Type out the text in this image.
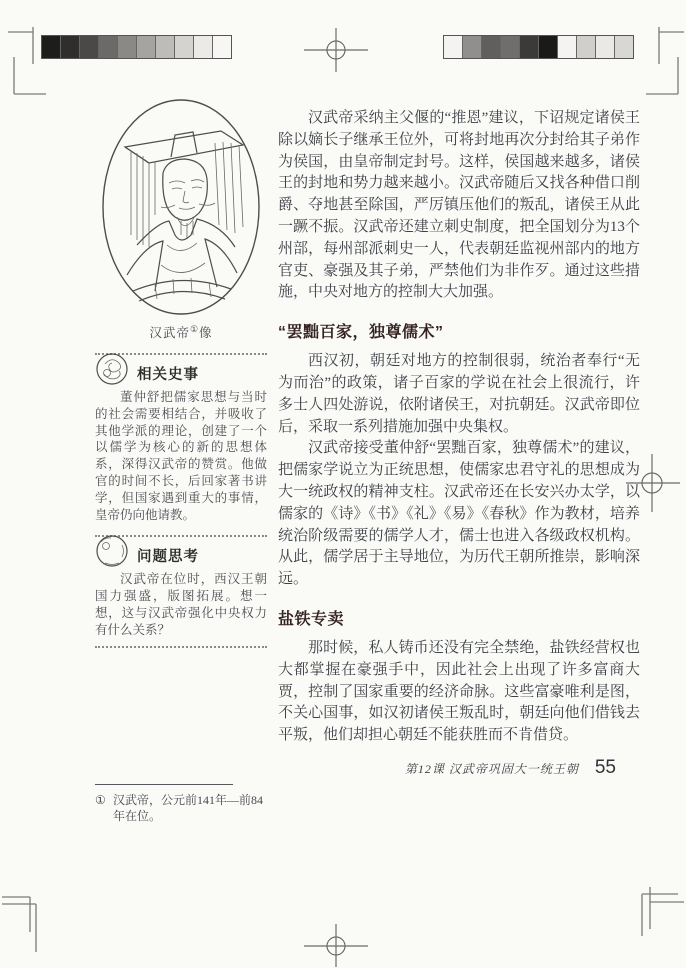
汉武帝①像
相关史事
董仲舒把儒家思想与当时的社会需要相结合，并吸收了其他学派的理论，创建了一个以儒学为核心的新的思想体系，深得汉武帝的赞赏。他做官的时间不长，后回家著书讲学，但国家遇到重大的事情，皇帝仍向他请教。
问题思考
汉武帝在位时，西汉王朝国力强盛，版图拓展。想一想，这与汉武帝强化中央权力有什么关系？
① 汉武帝，公元前141年—前84年在位。

汉武帝采纳主父偃的“推恩”建议，下诏规定诸侯王除以嫡长子继承王位外，可将封地再次分封给其子弟作为侯国，由皇帝制定封号。这样，侯国越来越多，诸侯王的封地和势力越来越小。汉武帝随后又找各种借口削爵、夺地甚至除国，严厉镇压他们的叛乱，诸侯王从此一蹶不振。汉武帝还建立刺史制度，把全国划分为13个州部，每州部派刺史一人，代表朝廷监视州部内的地方官吏、豪强及其子弟，严禁他们为非作歹。通过这些措施，中央对地方的控制大大加强。

“罢黜百家，独尊儒术”

西汉初，朝廷对地方的控制很弱，统治者奉行“无为而治”的政策，诸子百家的学说在社会上很流行，许多士人四处游说，依附诸侯王，对抗朝廷。汉武帝即位后，采取一系列措施加强中央集权。

汉武帝接受董仲舒“罢黜百家，独尊儒术”的建议，把儒家学说立为正统思想，使儒家忠君守礼的思想成为大一统政权的精神支柱。汉武帝还在长安兴办太学，以儒家的《诗》《书》《礼》《易》《春秋》作为教材，培养统治阶级需要的儒学人才，儒士也进入各级政权机构。从此，儒学居于主导地位，为历代王朝所推崇，影响深远。

盐铁专卖

那时候，私人铸币还没有完全禁绝，盐铁经营权也大都掌握在豪强手中，因此社会上出现了许多富商大贾，控制了国家重要的经济命脉。这些富豪唯利是图，不关心国事，如汉初诸侯王叛乱时，朝廷向他们借钱去平叛，他们却担心朝廷不能获胜而不肯借贷。

第12课 汉武帝巩固大一统王朝 55
